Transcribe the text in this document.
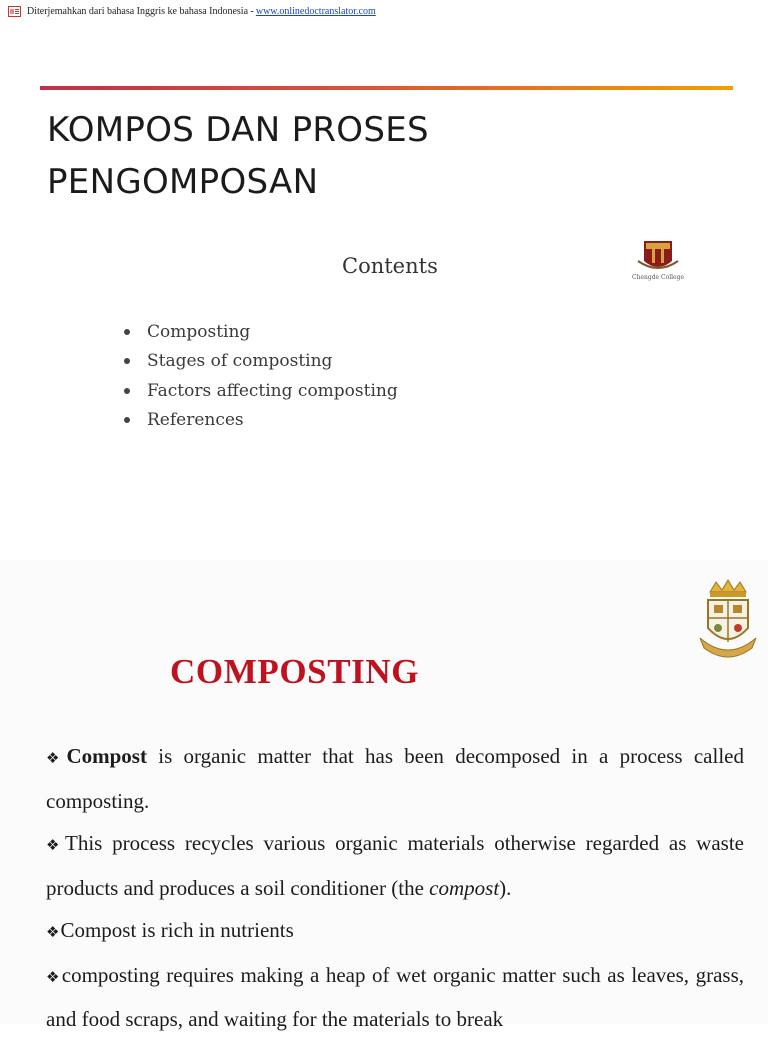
Diterjemahkan dari bahasa Inggris ke bahasa Indonesia - www.onlinedoctranslator.com
KOMPOS DAN PROSES
PENGOMPOSAN
Contents	Chengde College
Composting
Stages of composting
Factors affecting composting
References
COMPOSTING

❖Compost is organic matter that has been decomposed in a process called composting.

❖This process recycles various organic materials otherwise regarded as waste products and produces a soil conditioner (the compost).

❖Compost is rich in nutrients

❖composting requires making a heap of wet organic matter such as leaves, grass, and food scraps, and waiting for the materials to break
